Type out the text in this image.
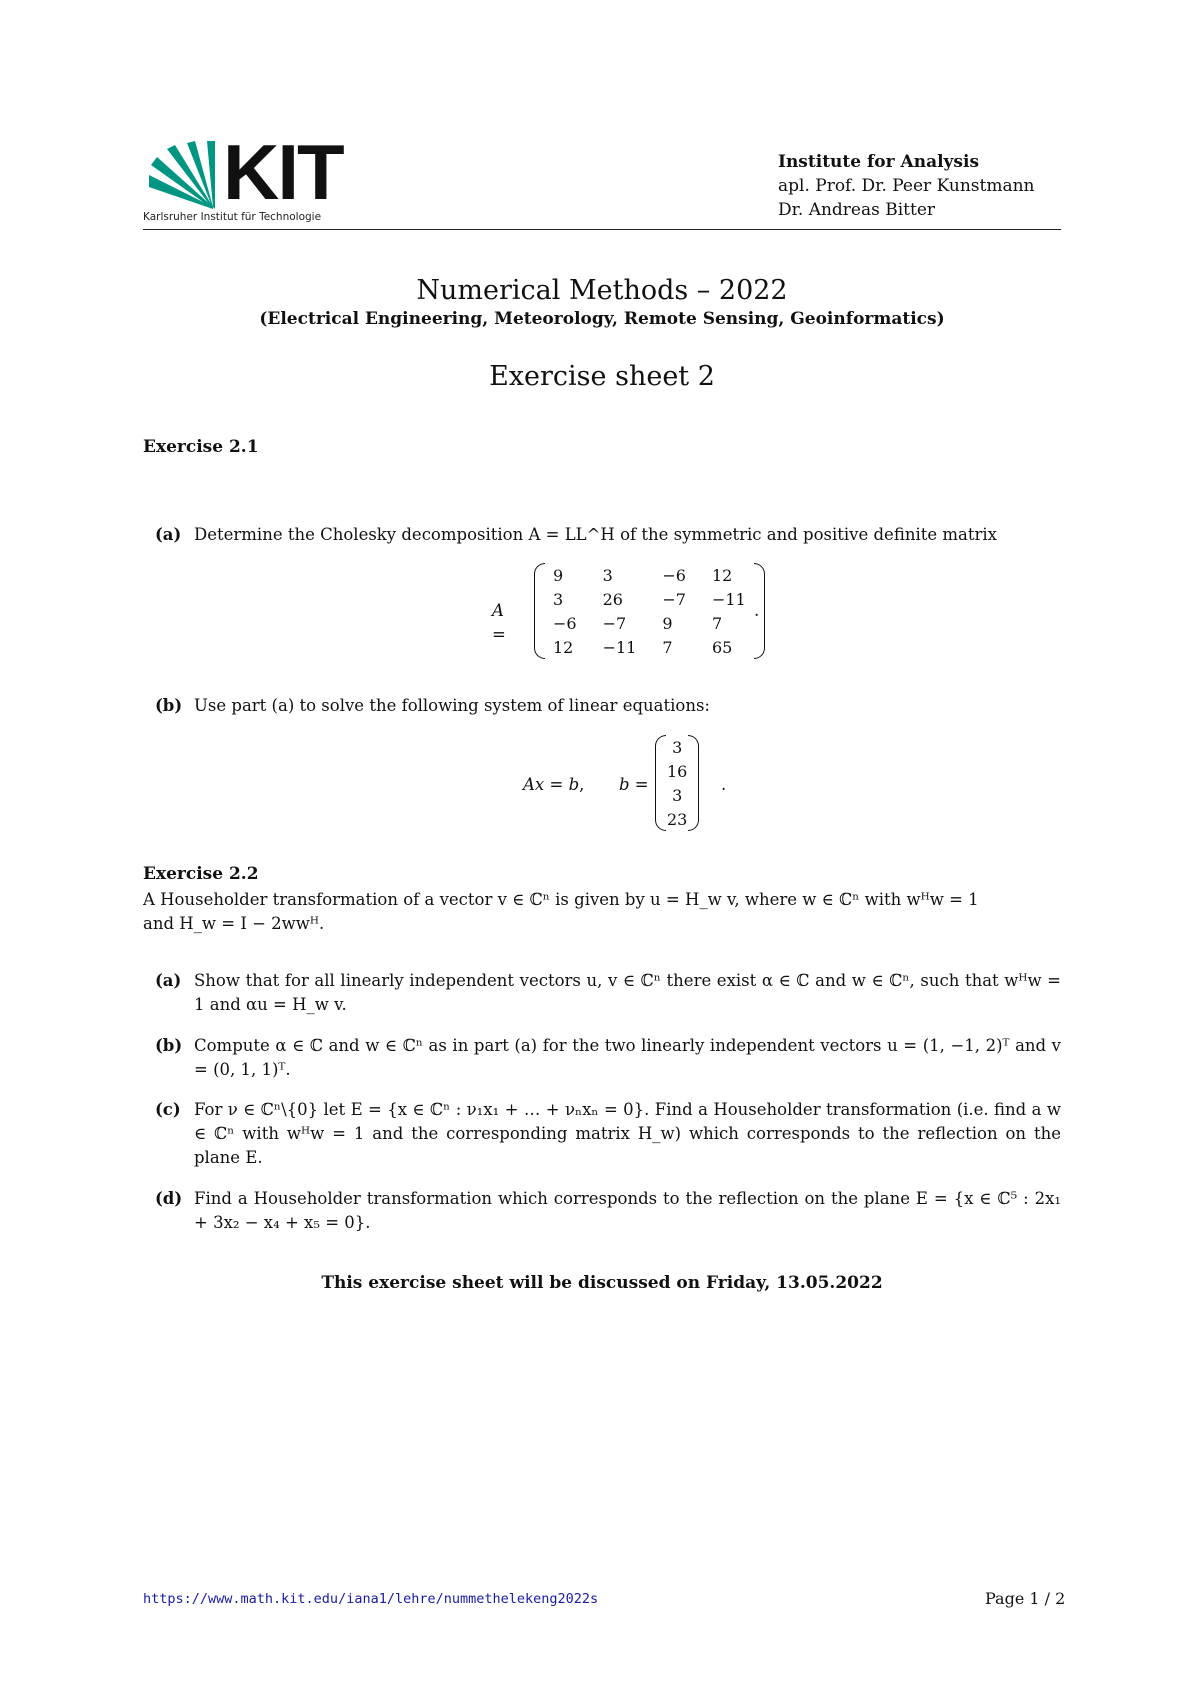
KIT
Karlsruher Institut für Technologie
Institute for Analysis
apl. Prof. Dr. Peer Kunstmann
Dr. Andreas Bitter
Numerical Methods – 2022
(Electrical Engineering, Meteorology, Remote Sensing, Geoinformatics)
Exercise sheet 2
Exercise 2.1
(a) Determine the Cholesky decomposition A = LL^H of the symmetric and positive definite matrix
A =
9	3	−6	12
3	26	−7	−11
−6	−7	9	7
12	−11	7	65
.
(b) Use part (a) to solve the following system of linear equations:
Ax = b, b =
3
16
3
23
.
Exercise 2.2
A Householder transformation of a vector v ∈ ℂⁿ is given by u = H_w v, where w ∈ ℂⁿ with wᴴw = 1
and H_w = I − 2wwᴴ.
(a) Show that for all linearly independent vectors u, v ∈ ℂⁿ there exist α ∈ ℂ and w ∈ ℂⁿ, such that wᴴw = 1 and αu = H_w v.
(b) Compute α ∈ ℂ and w ∈ ℂⁿ as in part (a) for the two linearly independent vectors u = (1, −1, 2)ᵀ and v = (0, 1, 1)ᵀ.
(c) For ν ∈ ℂⁿ\{0} let E = {x ∈ ℂⁿ : ν₁x₁ + … + νₙxₙ = 0}. Find a Householder transformation (i.e. find a w ∈ ℂⁿ with wᴴw = 1 and the corresponding matrix H_w) which corresponds to the reflection on the plane E.
(d) Find a Householder transformation which corresponds to the reflection on the plane E = {x ∈ ℂ⁵ : 2x₁ + 3x₂ − x₄ + x₅ = 0}.
This exercise sheet will be discussed on Friday, 13.05.2022
https://www.math.kit.edu/iana1/lehre/nummethelekeng2022s	Page 1 / 2
